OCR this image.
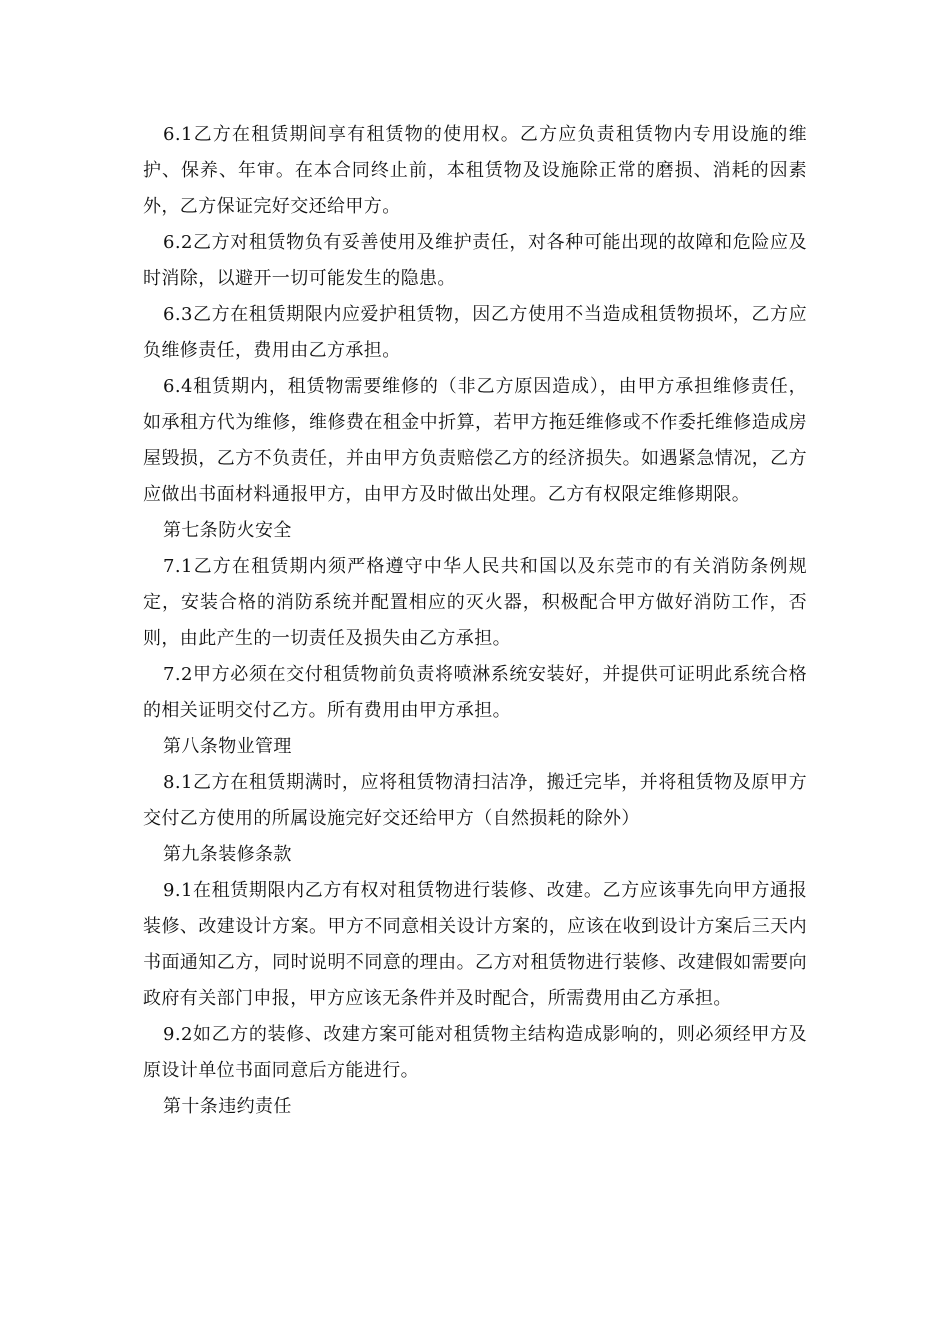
6.1乙方在租赁期间享有租赁物的使用权。乙方应负责租赁物内专用设施的维护、保养、年审。在本合同终止前，本租赁物及设施除正常的磨损、消耗的因素外，乙方保证完好交还给甲方。

6.2乙方对租赁物负有妥善使用及维护责任，对各种可能出现的故障和危险应及时消除，以避开一切可能发生的隐患。

6.3乙方在租赁期限内应爱护租赁物，因乙方使用不当造成租赁物损坏，乙方应负维修责任，费用由乙方承担。

6.4租赁期内，租赁物需要维修的（非乙方原因造成），由甲方承担维修责任，如承租方代为维修，维修费在租金中折算，若甲方拖廷维修或不作委托维修造成房屋毁损，乙方不负责任，并由甲方负责赔偿乙方的经济损失。如遇紧急情况，乙方应做出书面材料通报甲方，由甲方及时做出处理。乙方有权限定维修期限。

第七条防火安全

7.1乙方在租赁期内须严格遵守中华人民共和国以及东莞市的有关消防条例规定，安装合格的消防系统并配置相应的灭火器，积极配合甲方做好消防工作，否则，由此产生的一切责任及损失由乙方承担。

7.2甲方必须在交付租赁物前负责将喷淋系统安装好，并提供可证明此系统合格的相关证明交付乙方。所有费用由甲方承担。

第八条物业管理

8.1乙方在租赁期满时，应将租赁物清扫洁净，搬迁完毕，并将租赁物及原甲方交付乙方使用的所属设施完好交还给甲方（自然损耗的除外）

第九条装修条款

9.1在租赁期限内乙方有权对租赁物进行装修、改建。乙方应该事先向甲方通报装修、改建设计方案。甲方不同意相关设计方案的，应该在收到设计方案后三天内书面通知乙方，同时说明不同意的理由。乙方对租赁物进行装修、改建假如需要向政府有关部门申报，甲方应该无条件并及时配合，所需费用由乙方承担。

9.2如乙方的装修、改建方案可能对租赁物主结构造成影响的，则必须经甲方及原设计单位书面同意后方能进行。

第十条违约责任
